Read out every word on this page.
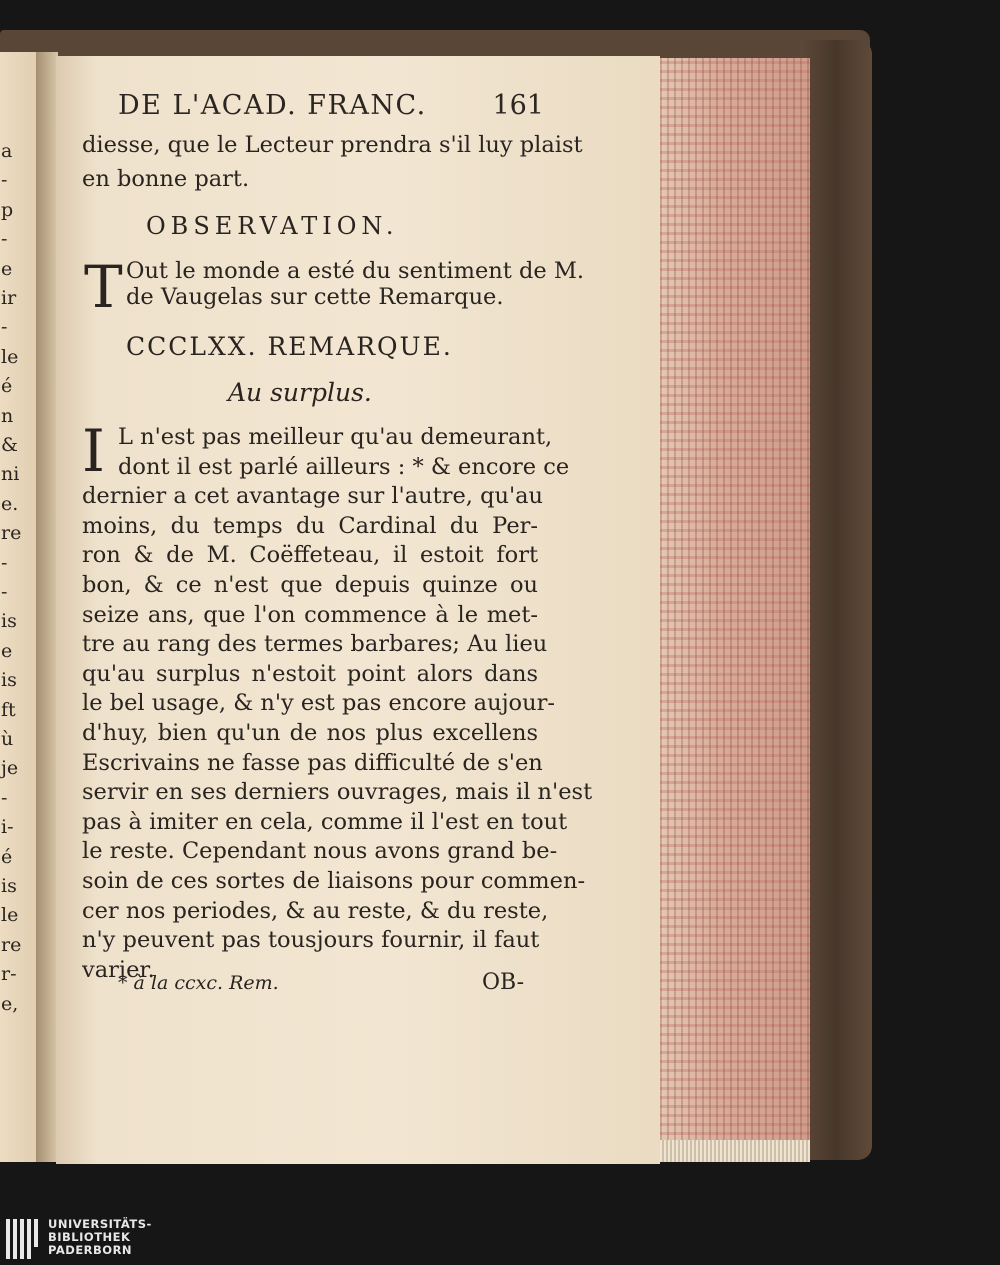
a
-
p
-
e
ir
-
le
é
n
&
ni
e.
re
-
-
is
e
is
ft
ù
je
-
i-
é
is
le
re
r-
e,
DE L'ACAD. FRANC. 161
diesse, que le Lecteur prendra s'il luy plaist
en bonne part.
OBSERVATION.
T Out le monde a esté du sentiment de M.
de Vaugelas sur cette Remarque.
CCCLXX. REMARQUE.
Au surplus.
I L n'est pas meilleur qu'au demeurant,
dont il est parlé ailleurs : * & encore ce
dernier a cet avantage sur l'autre, qu'au
moins, du temps du Cardinal du Per-
ron & de M. Coëffeteau, il estoit fort
bon, & ce n'est que depuis quinze ou
seize ans, que l'on commence à le met-
tre au rang des termes barbares; Au lieu
qu'au surplus n'estoit point alors dans
le bel usage, & n'y est pas encore aujour-
d'huy, bien qu'un de nos plus excellens
Escrivains ne fasse pas difficulté de s'en
servir en ses derniers ouvrages, mais il n'est
pas à imiter en cela, comme il l'est en tout
le reste. Cependant nous avons grand be-
soin de ces sortes de liaisons pour commen-
cer nos periodes, & au reste, & du reste,
n'y peuvent pas tousjours fournir, il faut
varier.
* à la ccxc. Rem.	OB-
UNIVERSITÄTS-
BIBLIOTHEK
PADERBORN
